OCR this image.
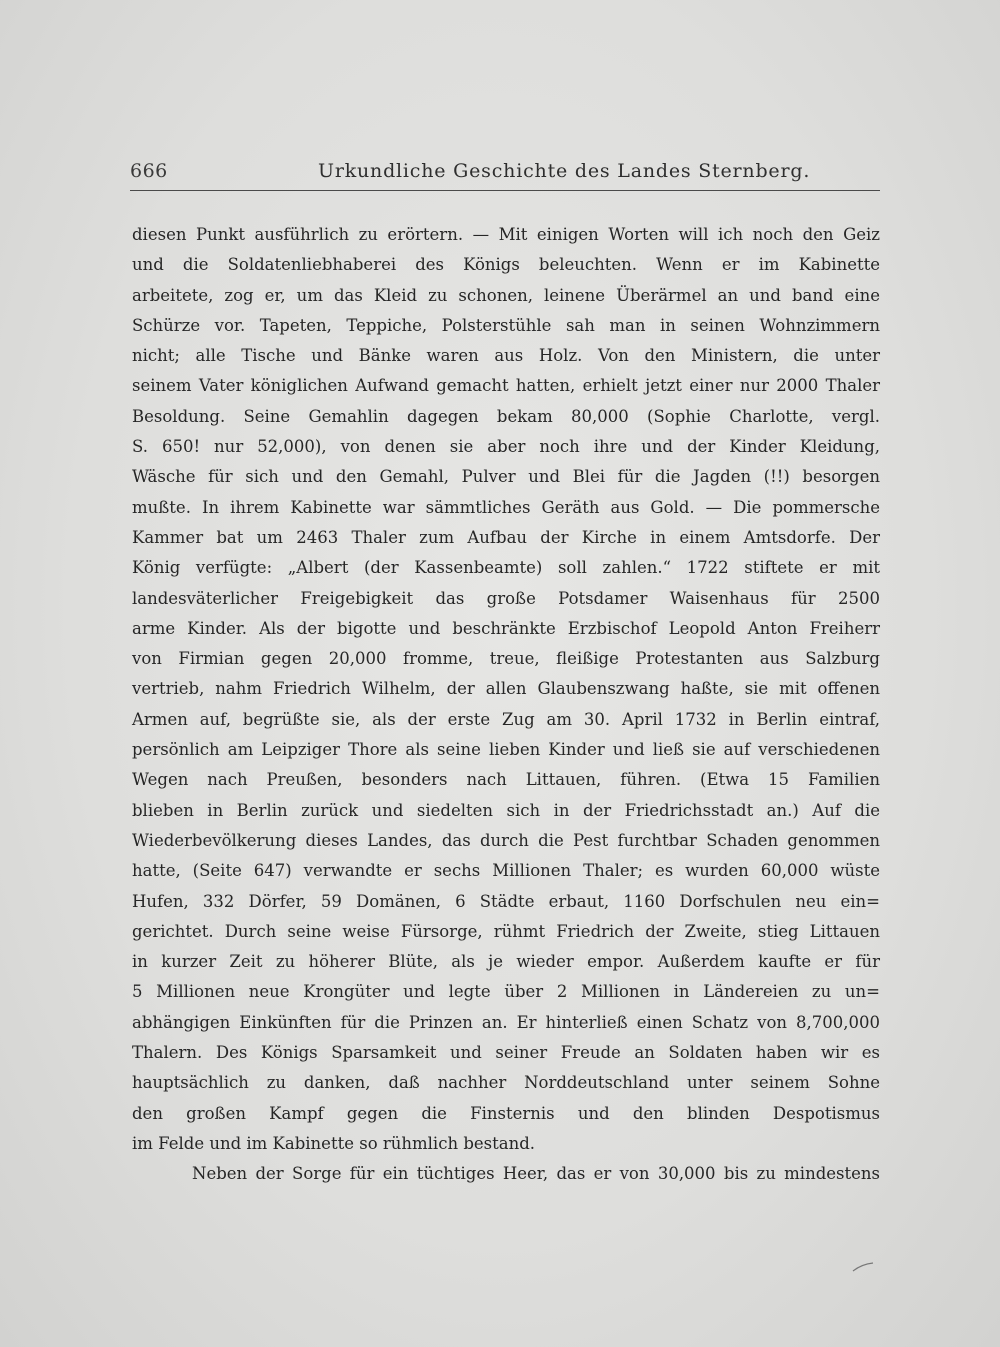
666	Urkundliche Geschichte des Landes Sternberg.
diesen Punkt ausführlich zu erörtern. — Mit einigen Worten will ich noch den Geiz
und die Soldatenliebhaberei des Königs beleuchten. Wenn er im Kabinette
arbeitete, zog er, um das Kleid zu schonen, leinene Überärmel an und band eine
Schürze vor. Tapeten, Teppiche, Polsterstühle sah man in seinen Wohnzimmern
nicht; alle Tische und Bänke waren aus Holz. Von den Ministern, die unter
seinem Vater königlichen Aufwand gemacht hatten, erhielt jetzt einer nur 2000 Thaler
Besoldung. Seine Gemahlin dagegen bekam 80,000 (Sophie Charlotte, vergl.
S. 650! nur 52,000), von denen sie aber noch ihre und der Kinder Kleidung,
Wäsche für sich und den Gemahl, Pulver und Blei für die Jagden (!!) besorgen
mußte. In ihrem Kabinette war sämmtliches Geräth aus Gold. — Die pommersche
Kammer bat um 2463 Thaler zum Aufbau der Kirche in einem Amtsdorfe. Der
König verfügte: „Albert (der Kassenbeamte) soll zahlen.“ 1722 stiftete er mit
landesväterlicher Freigebigkeit das große Potsdamer Waisenhaus für 2500
arme Kinder. Als der bigotte und beschränkte Erzbischof Leopold Anton Freiherr
von Firmian gegen 20,000 fromme, treue, fleißige Protestanten aus Salzburg
vertrieb, nahm Friedrich Wilhelm, der allen Glaubenszwang haßte, sie mit offenen
Armen auf, begrüßte sie, als der erste Zug am 30. April 1732 in Berlin eintraf,
persönlich am Leipziger Thore als seine lieben Kinder und ließ sie auf verschiedenen
Wegen nach Preußen, besonders nach Littauen, führen. (Etwa 15 Familien
blieben in Berlin zurück und siedelten sich in der Friedrichsstadt an.) Auf die
Wiederbevölkerung dieses Landes, das durch die Pest furchtbar Schaden genommen
hatte, (Seite 647) verwandte er sechs Millionen Thaler; es wurden 60,000 wüste
Hufen, 332 Dörfer, 59 Domänen, 6 Städte erbaut, 1160 Dorfschulen neu ein=
gerichtet. Durch seine weise Fürsorge, rühmt Friedrich der Zweite, stieg Littauen
in kurzer Zeit zu höherer Blüte, als je wieder empor. Außerdem kaufte er für
5 Millionen neue Krongüter und legte über 2 Millionen in Ländereien zu un=
abhängigen Einkünften für die Prinzen an. Er hinterließ einen Schatz von 8,700,000
Thalern. Des Königs Sparsamkeit und seiner Freude an Soldaten haben wir es
hauptsächlich zu danken, daß nachher Norddeutschland unter seinem Sohne
den großen Kampf gegen die Finsternis und den blinden Despotismus
im Felde und im Kabinette so rühmlich bestand.
Neben der Sorge für ein tüchtiges Heer, das er von 30,000 bis zu mindestens
